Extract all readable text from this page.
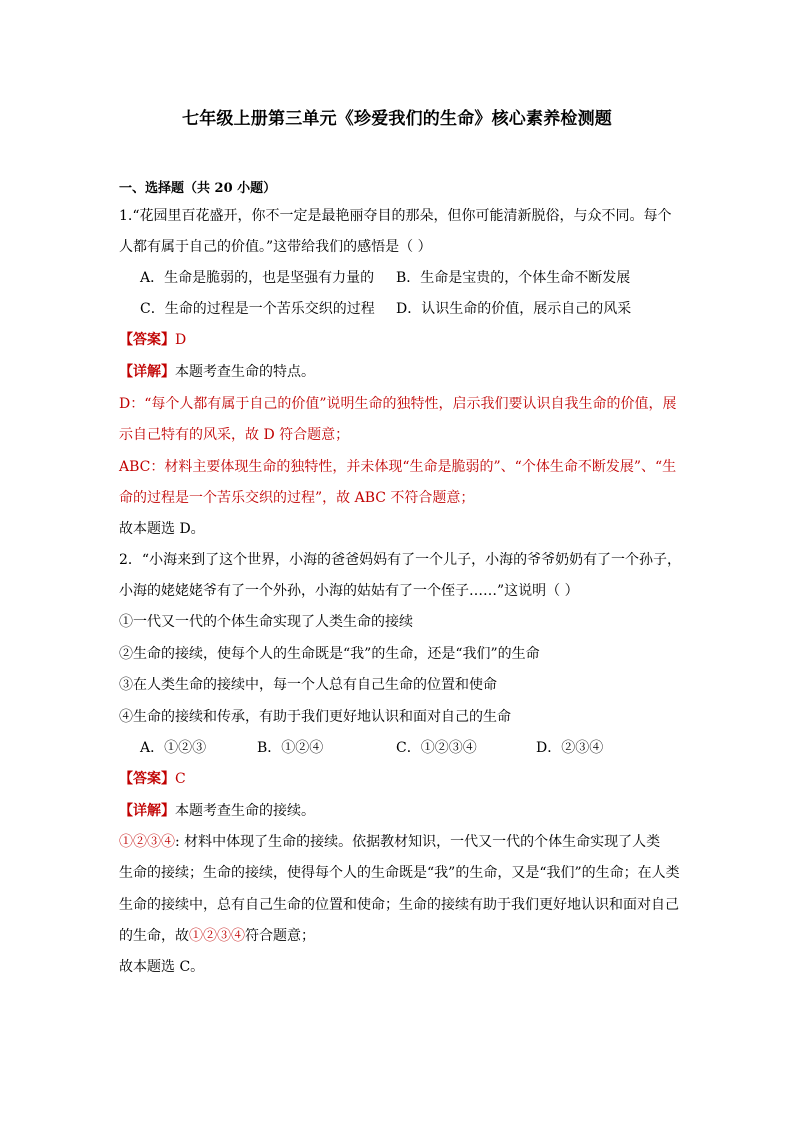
七年级上册第三单元《珍爱我们的生命》核心素养检测题
一、选择题（共 20 小题）
1.“花园里百花盛开，你不一定是最艳丽夺目的那朵，但你可能清新脱俗，与众不同。每个
人都有属于自己的价值。”这带给我们的感悟是（ ）
A．生命是脆弱的，也是坚强有力量的 B．生命是宝贵的，个体生命不断发展
C．生命的过程是一个苦乐交织的过程 D．认识生命的价值，展示自己的风采
【答案】D
【详解】本题考查生命的特点。
D：“每个人都有属于自己的价值”说明生命的独特性，启示我们要认识自我生命的价值，展
示自己特有的风采，故 D 符合题意；
ABC：材料主要体现生命的独特性，并未体现“生命是脆弱的”、“个体生命不断发展”、“生
命的过程是一个苦乐交织的过程”，故 ABC 不符合题意；
故本题选 D。
2．“小海来到了这个世界，小海的爸爸妈妈有了一个儿子，小海的爷爷奶奶有了一个孙子，
小海的姥姥姥爷有了一个外孙，小海的姑姑有了一个侄子……”这说明（ ）
①一代又一代的个体生命实现了人类生命的接续
②生命的接续，使每个人的生命既是“我”的生命，还是“我们”的生命
③在人类生命的接续中，每一个人总有自己生命的位置和使命
④生命的接续和传承，有助于我们更好地认识和面对自己的生命
A．①②③	B．①②④	C．①②③④	D．②③④
【答案】C
【详解】本题考查生命的接续。
①②③④: 材料中体现了生命的接续。依据教材知识，一代又一代的个体生命实现了人类
生命的接续；生命的接续，使得每个人的生命既是“我”的生命，又是“我们”的生命；在人类
生命的接续中，总有自己生命的位置和使命；生命的接续有助于我们更好地认识和面对自己
的生命，故①②③④符合题意；
故本题选 C。
